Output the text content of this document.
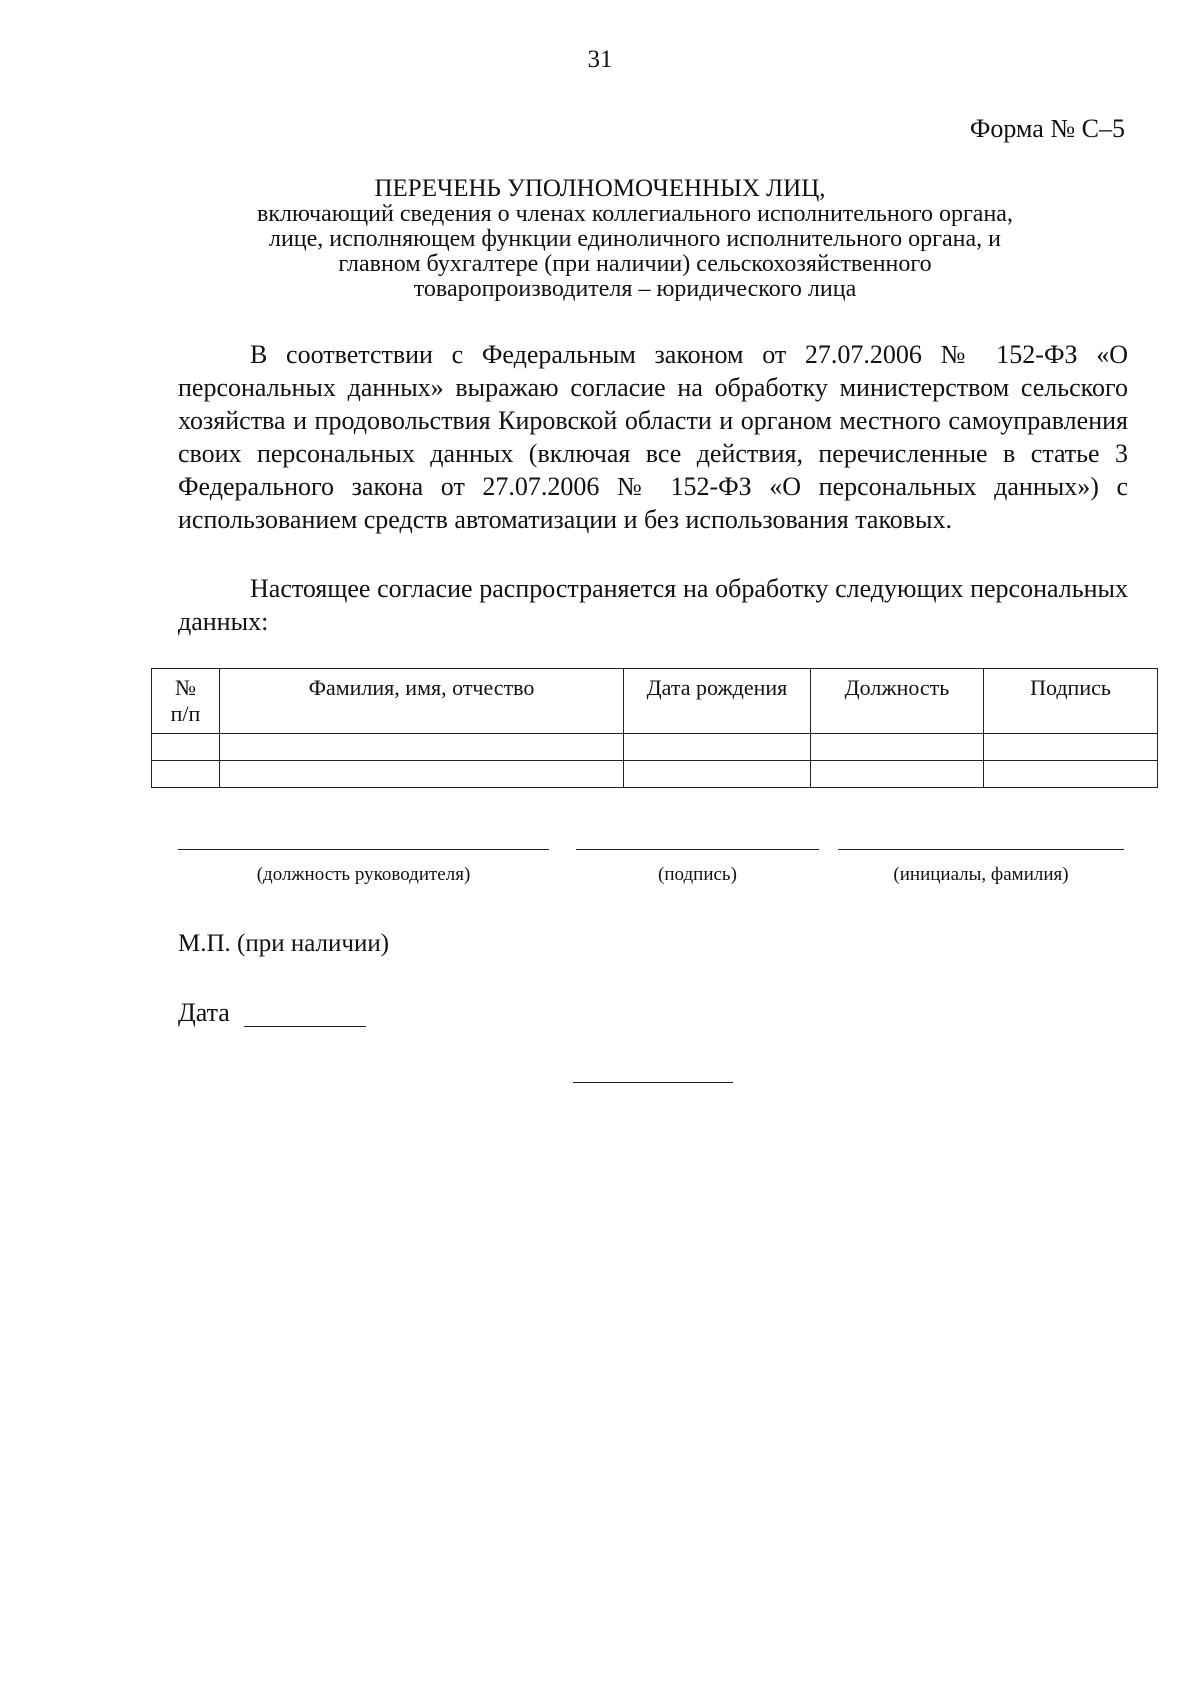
31
Форма № С–5
ПЕРЕЧЕНЬ УПОЛНОМОЧЕННЫХ ЛИЦ,
включающий сведения о членах коллегиального исполнительного органа,
лице, исполняющем функции единоличного исполнительного органа, и
главном бухгалтере (при наличии) сельскохозяйственного
товаропроизводителя – юридического лица
В соответствии с Федеральным законом от 27.07.2006 № 152-ФЗ «О персональных данных» выражаю согласие на обработку министерством сельского хозяйства и продовольствия Кировской области и органом местного самоуправления своих персональных данных (включая все действия, перечисленные в статье 3 Федерального закона от 27.07.2006 № 152-ФЗ «О персональных данных») с использованием средств автоматизации и без использования таковых.
Настоящее согласие распространяется на обработку следующих персональных данных:
№
п/п	Фамилия, имя, отчество	Дата рождения	Должность	Подпись

(должность руководителя)	(подпись)	(инициалы, фамилия)
М.П. (при наличии)
Дата
